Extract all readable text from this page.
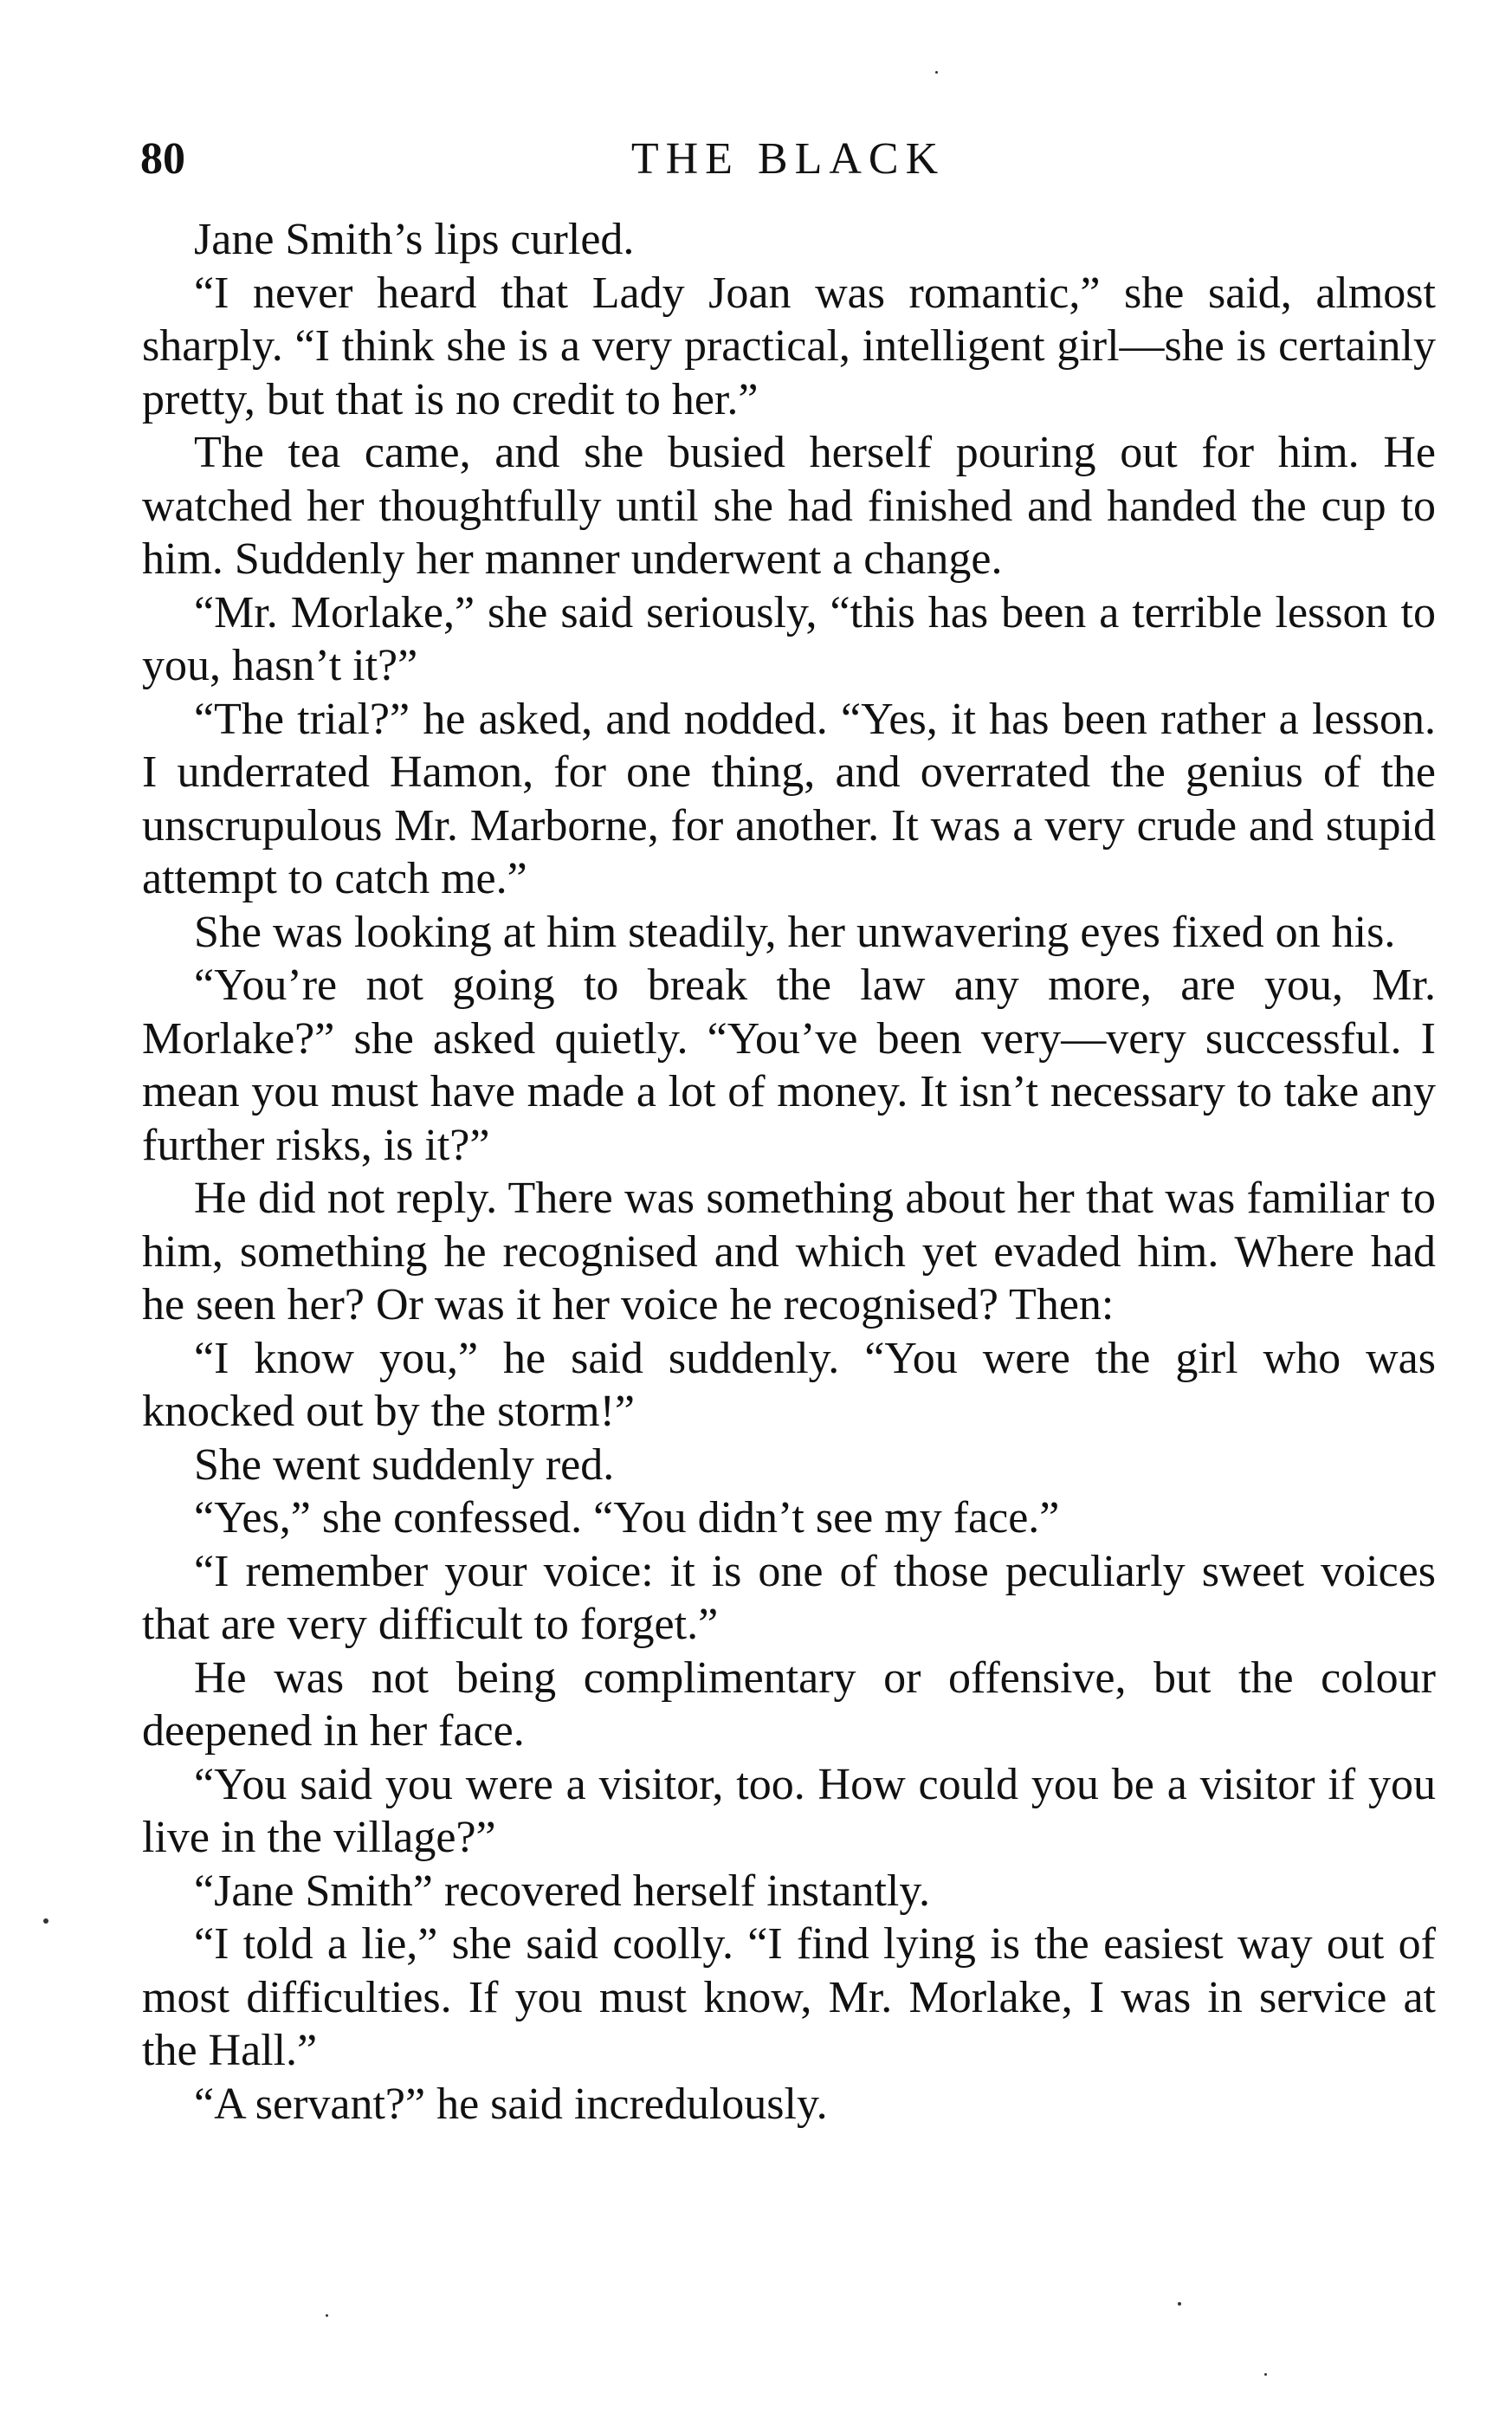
80	THE BLACK

Jane Smith’s lips curled.

“I never heard that Lady Joan was romantic,” she said, almost sharply. “I think she is a very practical, intelligent girl—she is certainly pretty, but that is no credit to her.”

The tea came, and she busied herself pouring out for him. He watched her thoughtfully until she had finished and handed the cup to him. Suddenly her manner underwent a change.

“Mr. Morlake,” she said seriously, “this has been a terrible lesson to you, hasn’t it?”

“The trial?” he asked, and nodded. “Yes, it has been rather a lesson. I underrated Hamon, for one thing, and overrated the genius of the unscrupulous Mr. Marborne, for another. It was a very crude and stupid attempt to catch me.”

She was looking at him steadily, her unwavering eyes fixed on his.

“You’re not going to break the law any more, are you, Mr. Morlake?” she asked quietly. “You’ve been very—very successful. I mean you must have made a lot of money. It isn’t necessary to take any further risks, is it?”

He did not reply. There was something about her that was familiar to him, something he recognised and which yet evaded him. Where had he seen her? Or was it her voice he recognised? Then:

“I know you,” he said suddenly. “You were the girl who was knocked out by the storm!”

She went suddenly red.

“Yes,” she confessed. “You didn’t see my face.”

“I remember your voice: it is one of those peculiarly sweet voices that are very difficult to forget.”

He was not being complimentary or offensive, but the colour deepened in her face.

“You said you were a visitor, too. How could you be a visitor if you live in the village?”

“Jane Smith” recovered herself instantly.

“I told a lie,” she said coolly. “I find lying is the easiest way out of most difficulties. If you must know, Mr. Morlake, I was in service at the Hall.”

“A servant?” he said incredulously.
